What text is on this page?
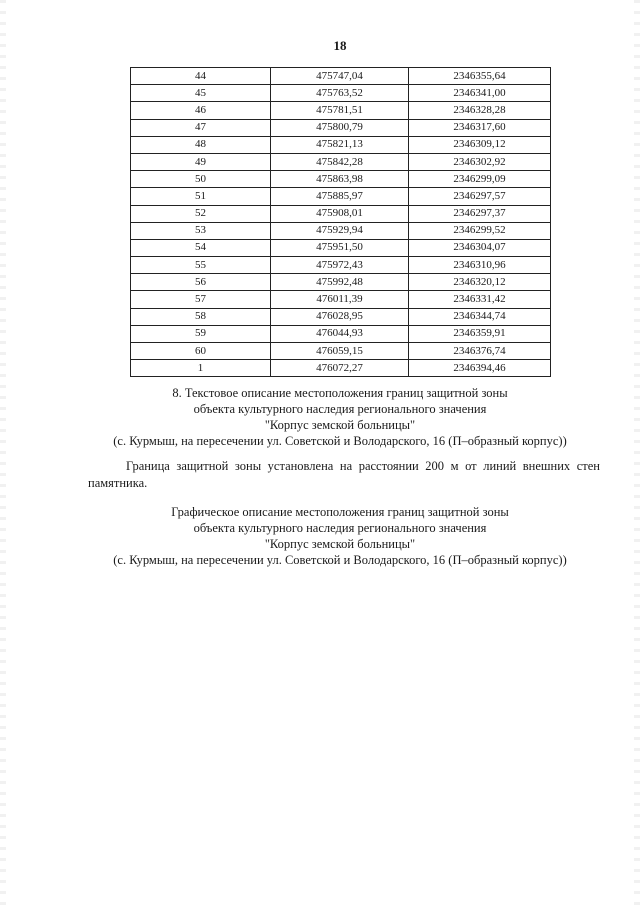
18
44	475747,04	2346355,64
45	475763,52	2346341,00
46	475781,51	2346328,28
47	475800,79	2346317,60
48	475821,13	2346309,12
49	475842,28	2346302,92
50	475863,98	2346299,09
51	475885,97	2346297,57
52	475908,01	2346297,37
53	475929,94	2346299,52
54	475951,50	2346304,07
55	475972,43	2346310,96
56	475992,48	2346320,12
57	476011,39	2346331,42
58	476028,95	2346344,74
59	476044,93	2346359,91
60	476059,15	2346376,74
1	476072,27	2346394,46

8. Текстовое описание местоположения границ защитной зоны

объекта культурного наследия регионального значения

"Корпус земской больницы"

(с. Курмыш, на пересечении ул. Советской и Володарского, 16 (П–образный корпус))

Граница защитной зоны установлена на расстоянии 200 м от линий внешних стен памятника.

Графическое описание местоположения границ защитной зоны

объекта культурного наследия регионального значения

"Корпус земской больницы"

(с. Курмыш, на пересечении ул. Советской и Володарского, 16 (П–образный корпус))
